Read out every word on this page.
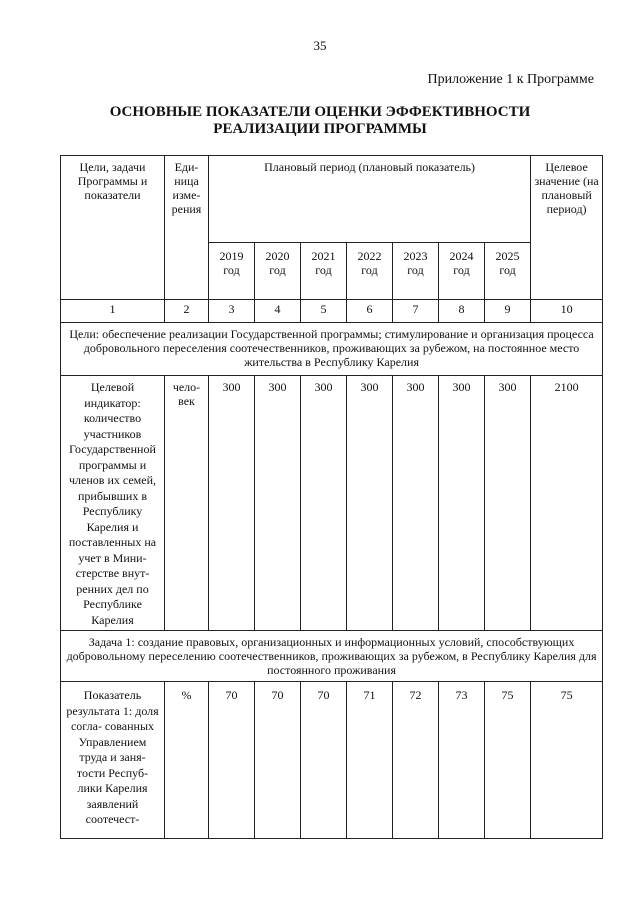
35
Приложение 1 к Программе
ОСНОВНЫЕ ПОКАЗАТЕЛИ ОЦЕНКИ ЭФФЕКТИВНОСТИ
РЕАЛИЗАЦИИ ПРОГРАММЫ
Цели, задачи Программы и показатели	Еди- ница изме- рения	Плановый период (плановый показатель)							Целевое значение (на плановый период)
		2019 год	2020 год	2021 год	2022 год	2023 год	2024 год	2025 год	
1	2	3	4	5	6	7	8	9	10
Цели: обеспечение реализации Государственной программы; стимулирование и организация процесса добровольного переселения соотечественников, проживающих за рубежом, на постоянное место жительства в Республику Карелия									
Целевой индикатор: количество участников Государственной программы и членов их семей, прибывших в Республику Карелия и поставленных на учет в Мини- стерстве внут- ренних дел по Республике Карелия	чело- век	300	300	300	300	300	300	300	2100
Задача 1: создание правовых, организационных и информационных условий, способствующих добровольному переселению соотечественников, проживающих за рубежом, в Республику Карелия для постоянного проживания									
Показатель результата 1: доля согла- сованных Управлением труда и заня- тости Респуб- лики Карелия заявлений соотечест-	%	70	70	70	71	72	73	75	75
